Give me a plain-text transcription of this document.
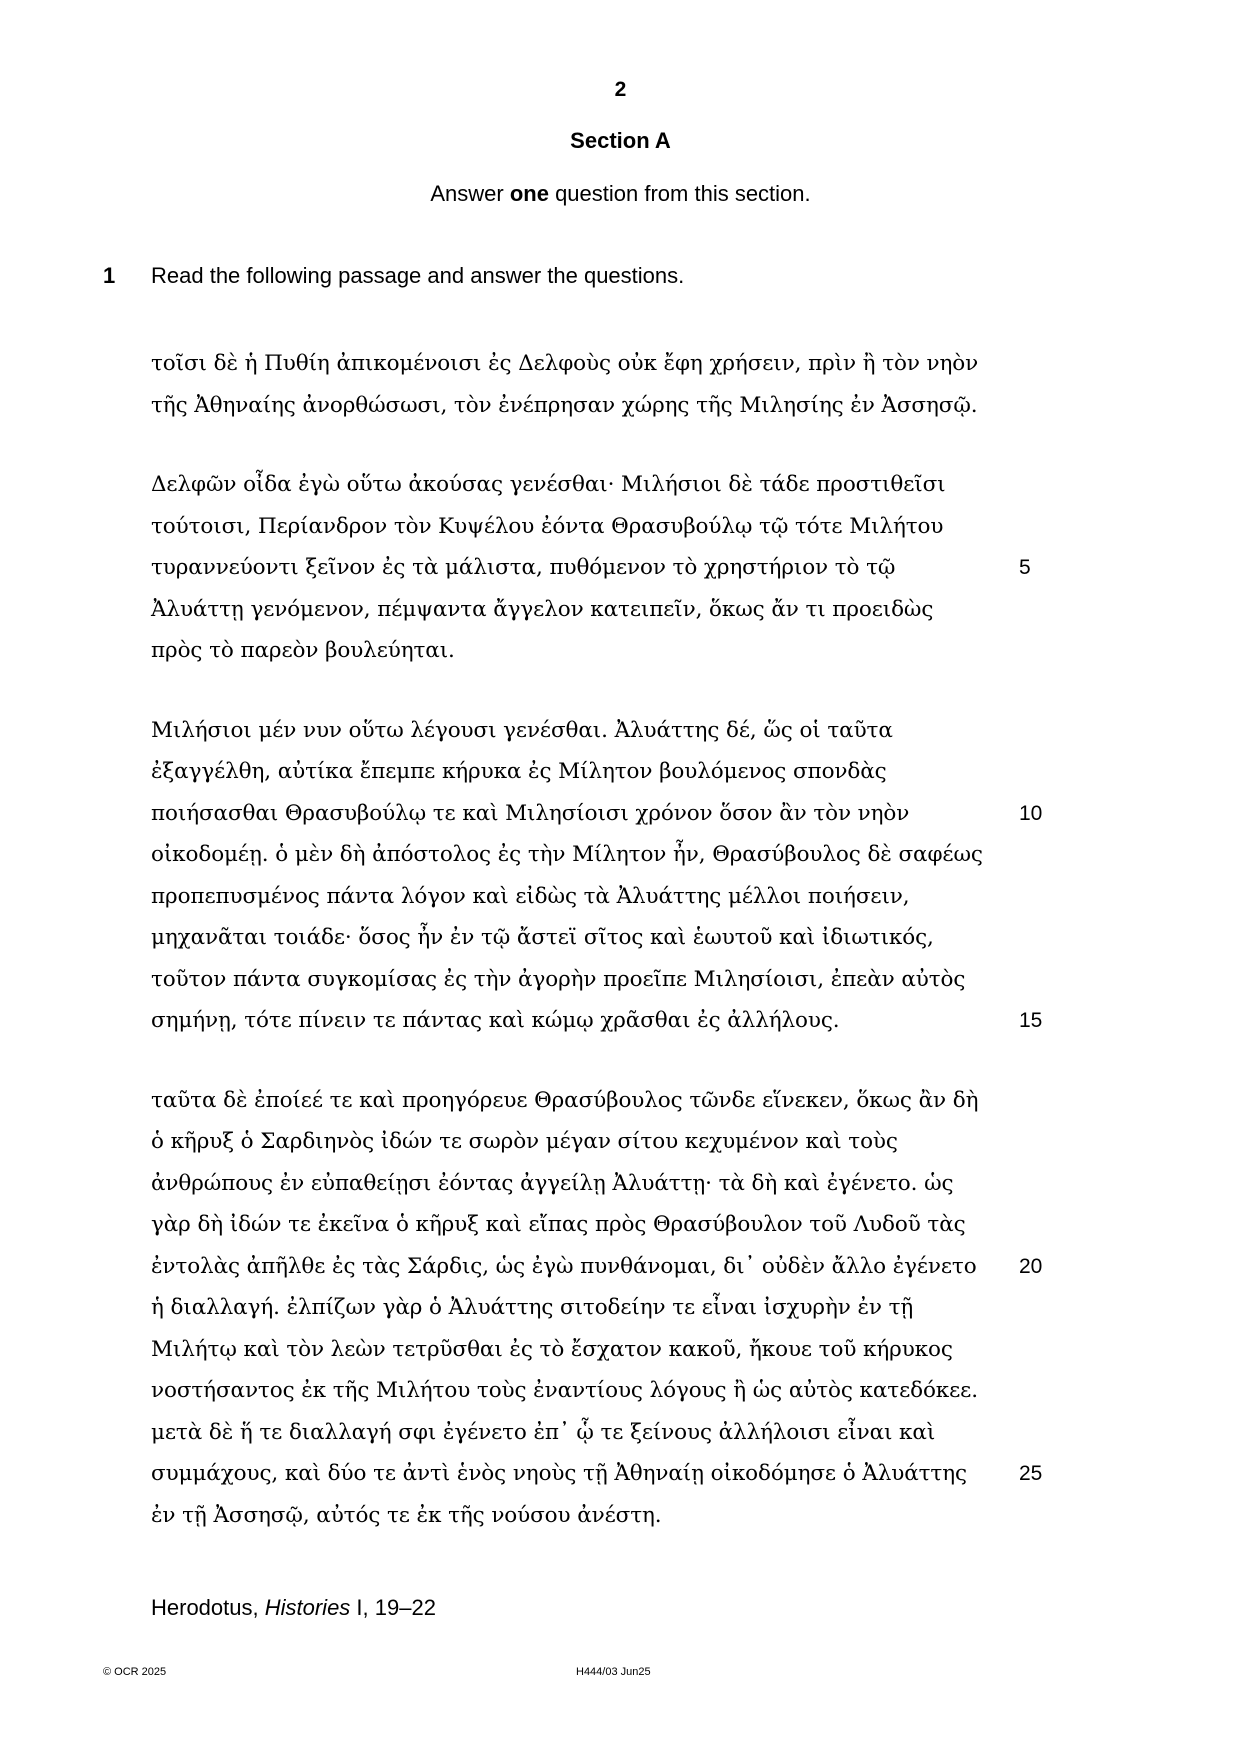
2
Section A
Answer one question from this section.
1 Read the following passage and answer the questions.
τοῖσι δὲ ἡ Πυθίη ἀπικομένοισι ἐς Δελφοὺς οὐκ ἔφη χρήσειν, πρὶν ἢ τὸν νηὸν
τῆς Ἀθηναίης ἀνορθώσωσι, τὸν ἐνέπρησαν χώρης τῆς Μιλησίης ἐν Ἀσσησῷ.
Δελφῶν οἶδα ἐγὼ οὕτω ἀκούσας γενέσθαι· Μιλήσιοι δὲ τάδε προστιθεῖσι
τούτοισι, Περίανδρον τὸν Κυψέλου ἐόντα Θρασυβούλῳ τῷ τότε Μιλήτου
τυραννεύοντι ξεῖνον ἐς τὰ μάλιστα, πυθόμενον τὸ χρηστήριον τὸ τῷ	5
Ἀλυάττῃ γενόμενον, πέμψαντα ἄγγελον κατειπεῖν, ὅκως ἄν τι προειδὼς
πρὸς τὸ παρεὸν βουλεύηται.
Μιλήσιοι μέν νυν οὕτω λέγουσι γενέσθαι. Ἀλυάττης δέ, ὥς οἱ ταῦτα
ἐξαγγέλθη, αὐτίκα ἔπεμπε κήρυκα ἐς Μίλητον βουλόμενος σπονδὰς
ποιήσασθαι Θρασυβούλῳ τε καὶ Μιλησίοισι χρόνον ὅσον ἂν τὸν νηὸν	10
οἰκοδομέῃ. ὁ μὲν δὴ ἀπόστολος ἐς τὴν Μίλητον ἦν, Θρασύβουλος δὲ σαφέως
προπεπυσμένος πάντα λόγον καὶ εἰδὼς τὰ Ἀλυάττης μέλλοι ποιήσειν,
μηχανᾶται τοιάδε· ὅσος ἦν ἐν τῷ ἄστεϊ σῖτος καὶ ἑωυτοῦ καὶ ἰδιωτικός,
τοῦτον πάντα συγκομίσας ἐς τὴν ἀγορὴν προεῖπε Μιλησίοισι, ἐπεὰν αὐτὸς
σημήνῃ, τότε πίνειν τε πάντας καὶ κώμῳ χρᾶσθαι ἐς ἀλλήλους.	15
ταῦτα δὲ ἐποίεέ τε καὶ προηγόρευε Θρασύβουλος τῶνδε εἵνεκεν, ὅκως ἂν δὴ
ὁ κῆρυξ ὁ Σαρδιηνὸς ἰδών τε σωρὸν μέγαν σίτου κεχυμένον καὶ τοὺς
ἀνθρώπους ἐν εὐπαθείῃσι ἐόντας ἀγγείλῃ Ἀλυάττῃ· τὰ δὴ καὶ ἐγένετο. ὡς
γὰρ δὴ ἰδών τε ἐκεῖνα ὁ κῆρυξ καὶ εἴπας πρὸς Θρασύβουλον τοῦ Λυδοῦ τὰς
ἐντολὰς ἀπῆλθε ἐς τὰς Σάρδις, ὡς ἐγὼ πυνθάνομαι, δι᾽ οὐδὲν ἄλλο ἐγένετο 20
ἡ διαλλαγή. ἐλπίζων γὰρ ὁ Ἀλυάττης σιτοδείην τε εἶναι ἰσχυρὴν ἐν τῇ
Μιλήτῳ καὶ τὸν λεὼν τετρῦσθαι ἐς τὸ ἔσχατον κακοῦ, ἤκουε τοῦ κήρυκος
νοστήσαντος ἐκ τῆς Μιλήτου τοὺς ἐναντίους λόγους ἢ ὡς αὐτὸς κατεδόκεε.
μετὰ δὲ ἥ τε διαλλαγή σφι ἐγένετο ἐπ᾽ ᾧ τε ξείνους ἀλλήλοισι εἶναι καὶ
συμμάχους, καὶ δύο τε ἀντὶ ἑνὸς νηοὺς τῇ Ἀθηναίῃ οἰκοδόμησε ὁ Ἀλυάττης 25
ἐν τῇ Ἀσσησῷ, αὐτός τε ἐκ τῆς νούσου ἀνέστη.
Herodotus, Histories I, 19–22
© OCR 2025	H444/03 Jun25
